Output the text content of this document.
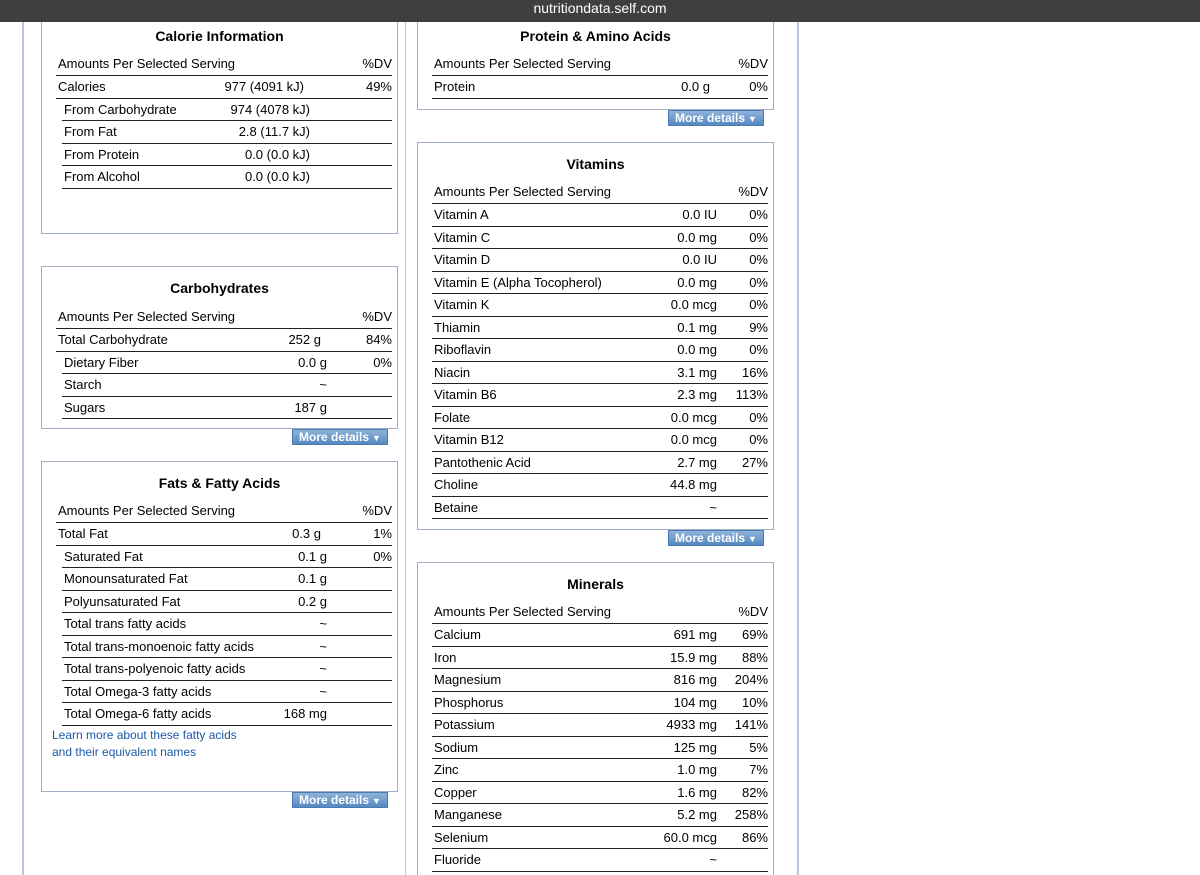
nutritiondata.self.com
Calorie Information
Amounts Per Selected Serving	%DV
Calories	977 (4091 kJ)	49%
From Carbohydrate	974 (4078 kJ)
From Fat	2.8 (11.7 kJ)
From Protein	0.0 (0.0 kJ)
From Alcohol	0.0 (0.0 kJ)
Carbohydrates
Amounts Per Selected Serving	%DV
Total Carbohydrate	252 g	84%
Dietary Fiber	0.0 g	0%
Starch	~
Sugars	187 g
More details ▼
Fats & Fatty Acids
Amounts Per Selected Serving	%DV
Total Fat	0.3 g	1%
Saturated Fat	0.1 g	0%
Monounsaturated Fat	0.1 g
Polyunsaturated Fat	0.2 g
Total trans fatty acids	~
Total trans-monoenoic fatty acids	~
Total trans-polyenoic fatty acids	~
Total Omega-3 fatty acids	~
Total Omega-6 fatty acids	168 mg
Learn more about these fatty acids
and their equivalent names
More details ▼
Protein & Amino Acids
Amounts Per Selected Serving	%DV
Protein	0.0 g	0%
More details ▼
Vitamins
Amounts Per Selected Serving	%DV
Vitamin A	0.0 IU 0%
Vitamin C	0.0 mg 0%
Vitamin D	0.0 IU 0%
Vitamin E (Alpha Tocopherol)	0.0 mg 0%
Vitamin K	0.0 mcg 0%
Thiamin	0.1 mg 9%
Riboflavin	0.0 mg 0%
Niacin	3.1 mg 16%
Vitamin B6	2.3 mg 113%
Folate	0.0 mcg 0%
Vitamin B12	0.0 mcg 0%
Pantothenic Acid	2.7 mg 27%
Choline	44.8 mg
Betaine	~
More details ▼
Minerals
Amounts Per Selected Serving	%DV
Calcium	691 mg 69%
Iron	15.9 mg 88%
Magnesium	816 mg 204%
Phosphorus	104 mg 10%
Potassium	4933 mg 141%
Sodium	125 mg 5%
Zinc	1.0 mg 7%
Copper	1.6 mg 82%
Manganese	5.2 mg 258%
Selenium	60.0 mcg 86%
Fluoride	~
